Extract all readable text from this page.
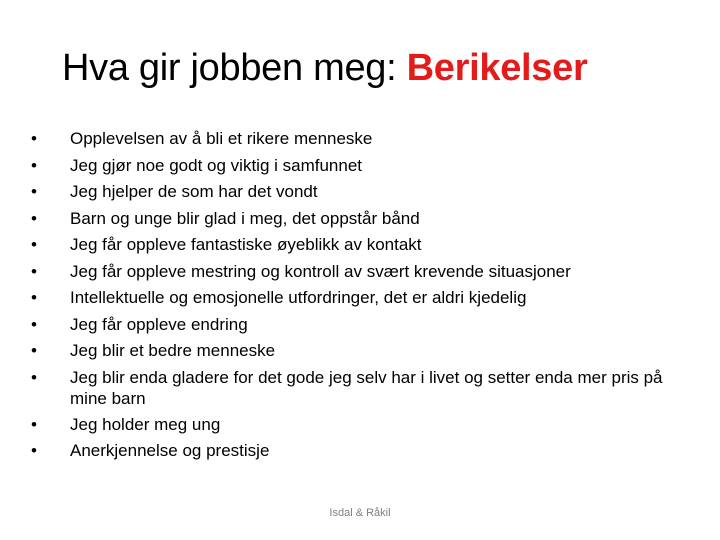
Hva gir jobben meg: Berikelser
• Opplevelsen av å bli et rikere menneske
• Jeg gjør noe godt og viktig i samfunnet
• Jeg hjelper de som har det vondt
• Barn og unge blir glad i meg, det oppstår bånd
• Jeg får oppleve fantastiske øyeblikk av kontakt
• Jeg får oppleve mestring og kontroll av svært krevende situasjoner
• Intellektuelle og emosjonelle utfordringer, det er aldri kjedelig
• Jeg får oppleve endring
• Jeg blir et bedre menneske
• Jeg blir enda gladere for det gode jeg selv har i livet og setter enda mer pris på mine barn
• Jeg holder meg ung
• Anerkjennelse og prestisje
Isdal & Råkil
